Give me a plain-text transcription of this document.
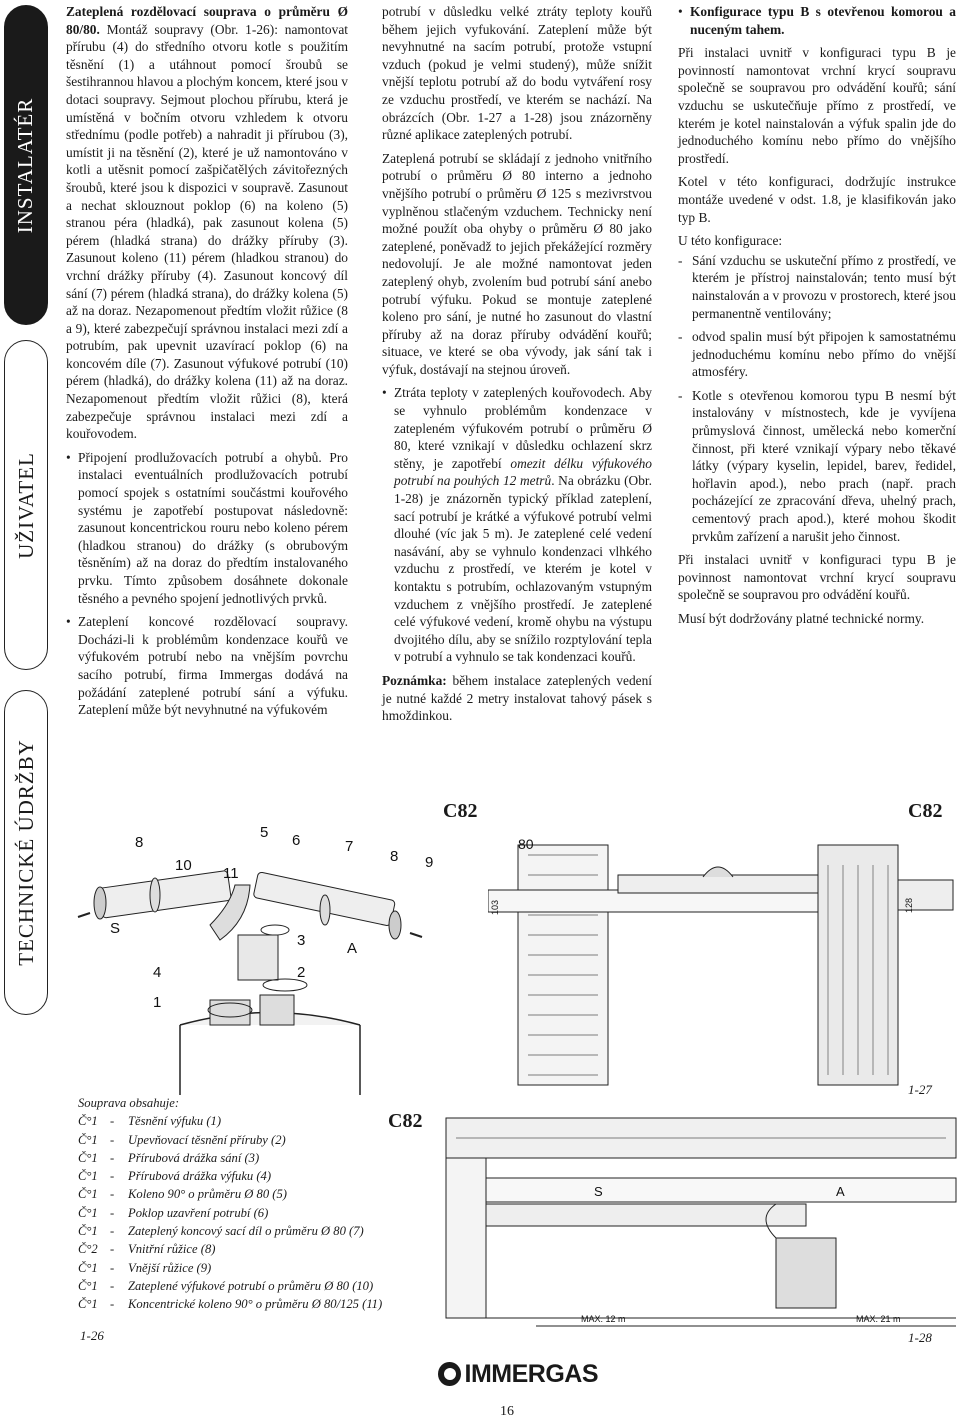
INSTALATÉR
UŽIVATEL
TECHNICKÉ ÚDRŽBY

Zateplená rozdělovací souprava o průměru Ø 80/80. Montáž soupravy (Obr. 1-26): namontovat přírubu (4) do středního otvoru kotle s použitím těsnění (1) a utáhnout pomocí šroubů se šestihrannou hlavou a plochým koncem, které jsou v dotaci soupravy. Sejmout plochou přírubu, která je umístěná v bočním otvoru vzhledem k otvoru střednímu (podle potřeb) a nahradit ji přírubou (3), umístit ji na těsnění (2), které je už namontováno v kotli a utěsnit pomocí zašpičatělých závitořezných šroubů, které jsou k dispozici v soupravě. Zasunout a nechat sklouznout poklop (6) na koleno (5) stranou péra (hladká), pak zasunout kolena (5) pérem (hladká strana) do drážky příruby (3). Zasunout koleno (11) pérem (hladkou stranou) do vrchní drážky příruby (4). Zasunout koncový díl sání (7) pérem (hladká strana), do drážky kolena (5) až na doraz. Nezapomenout předtím vložit růžice (8 a 9), které zabezpečují správnou instalaci mezi zdí a potrubím, pak upevnit uzavírací poklop (6) na koncovém díle (7). Zasunout výfukové potrubí (10) pérem (hladká), do drážky kolena (11) až na doraz. Nezapomenout předtím vložit růžici (8), která zabezpečuje správnou instalaci mezi zdí a kouřovodem.

• Připojení prodlužovacích potrubí a ohybů. Pro instalaci eventuálních prodlužovacích potrubí pomocí spojek s ostatními součástmi kouřového systému je zapotřebí postupovat následovně: zasunout koncentrickou rouru nebo koleno pérem (hladkou stranou) do drážky (s obrubovým těsněním) až na doraz do předtím instalovaného prvku. Tímto způsobem dosáhnete dokonale těsného a pevného spojení jednotlivých prvků.

• Zateplení koncové rozdělovací soupravy. Docházi-li k problémům kondenzace kouřů ve výfukovém potrubí nebo na vnějším povrchu sacího potrubí, firma Immergas dodává na požádání zateplené potrubí sání a výfuku. Zateplení může být nevyhnutné na výfukovém

potrubí v důsledku velké ztráty teploty kouřů během jejich vyfukování. Zateplení může být nevyhnutné na sacím potrubí, protože vstupní vzduch (pokud je velmi studený), může snížit vnější teplotu potrubí až do bodu vytváření rosy ze vzduchu prostředí, ve kterém se nachází. Na obrázcích (Obr. 1-27 a 1-28) jsou znázorněny různé aplikace zateplených potrubí.

Zateplená potrubí se skládají z jednoho vnitřního potrubí o průměru Ø 80 interno a jednoho vnějšího potrubí o průměru Ø 125 s mezivrstvou vyplněnou stlačeným vzduchem. Technicky není možné použít oba ohyby o průměru Ø 80 jako zateplené, poněvadž to jejich překážející rozměry nedovolují. Je ale možné namontovat jeden zateplený ohyb, zvolením bud potrubí sání anebo potrubí výfuku. Pokud se montuje zateplené koleno pro sání, je nutné ho zasunout do vlastní příruby až na doraz příruby odvádění kouřů; situace, ve které se oba vývody, jak sání tak i výfuk, dostávají na stejnou úroveň.

• Ztráta teploty v zateplených kouřovodech. Aby se vyhnulo problémům kondenzace v zatepleném výfukovém potrubí o průměru Ø 80, které vznikají v důsledku ochlazení skrz stěny, je zapotřebí omezit délku výfukového potrubí na pouhých 12 metrů. Na obrázku (Obr. 1-28) je znázorněn typický příklad zateplení, sací potrubí je krátké a výfukové potrubí velmi dlouhé (víc jak 5 m). Je zateplené celé vedení nasávání, aby se vyhnulo kondenzaci vlhkého vzduchu z prostředí, ve kterém je kotel v kontaktu s potrubím, ochlazovaným vstupným vzduchem z vnějšího prostředí. Je zateplené celé výfukové vedení, kromě ohybu na výstupu dvojitého dílu, aby se snížilo rozptylování tepla v potrubí a vyhnulo se tak kondenzaci kouřů.

Poznámka: během instalace zateplených vedení je nutné každé 2 metry instalovat tahový pásek s hmoždinkou.

• Konfigurace typu B s otevřenou komorou a nuceným tahem.

Při instalaci uvnitř v konfiguraci typu B je povinností namontovat vrchní krycí soupravu společně se soupravou pro odvádění kouřů; sání vzduchu se uskutečňuje přímo z prostředí, ve kterém je kotel nainstalován a výfuk spalin jde do jednoduchého komínu nebo přímo do vnějšího prostředí.

Kotel v této konfiguraci, dodržujíc instrukce montáže uvedené v odst. 1.8, je klasifikován jako typ B.

U této konfigurace:

- Sání vzduchu se uskuteční přímo z prostředí, ve kterém je přístroj nainstalován; tento musí být nainstalován a v provozu v prostorech, které jsou permanentně ventilovány;

- odvod spalin musí být připojen k samostatnému jednoduchému komínu nebo přímo do vnější atmosféry.

- Kotle s otevřenou komorou typu B nesmí být instalovány v místnostech, kde je vyvíjena průmyslová činnost, umělecká nebo komerční činnost, při které vznikají výpary nebo těkavé látky (výpary kyselin, lepidel, barev, ředidel, hořlavin apod.), nebo prach (např. prach pocházející ze zpracování dřeva, uhelný prach, cementový prach apod.), které mohou škodit prvkům zařízení a narušit jeho činnost.

Při instalaci uvnitř v konfiguraci typu B je povinnost namontovat vrchní krycí soupravu společně se soupravou pro odvádění kouřů.

Musí být dodržovány platné technické normy.

8
10 11
5 6	7
8 9
4
1
3
2
S
A
C82
80
103	128
C82
1-27
S	A
MAX. 12 m	MAX. 21 m
C82
1-28
Souprava obsahuje:
Č°1 - Těsnění výfuku (1)
Č°1 - Upevňovací těsnění příruby (2)
Č°1 - Přírubová drážka sání (3)
Č°1 - Přírubová drážka výfuku (4)
Č°1 - Koleno 90° o průměru Ø 80 (5)
Č°1 - Poklop uzavření potrubí (6)
Č°1 - Zateplený koncový sací díl o průměru Ø 80 (7)
Č°2 - Vnitřní růžice (8)
Č°1 - Vnější růžice (9)
Č°1 - Zateplené výfukové potrubí o průměru Ø 80 (10)
Č°1 - Koncentrické koleno 90° o průměru Ø 80/125 (11)
1-26
IMMERGAS
16
